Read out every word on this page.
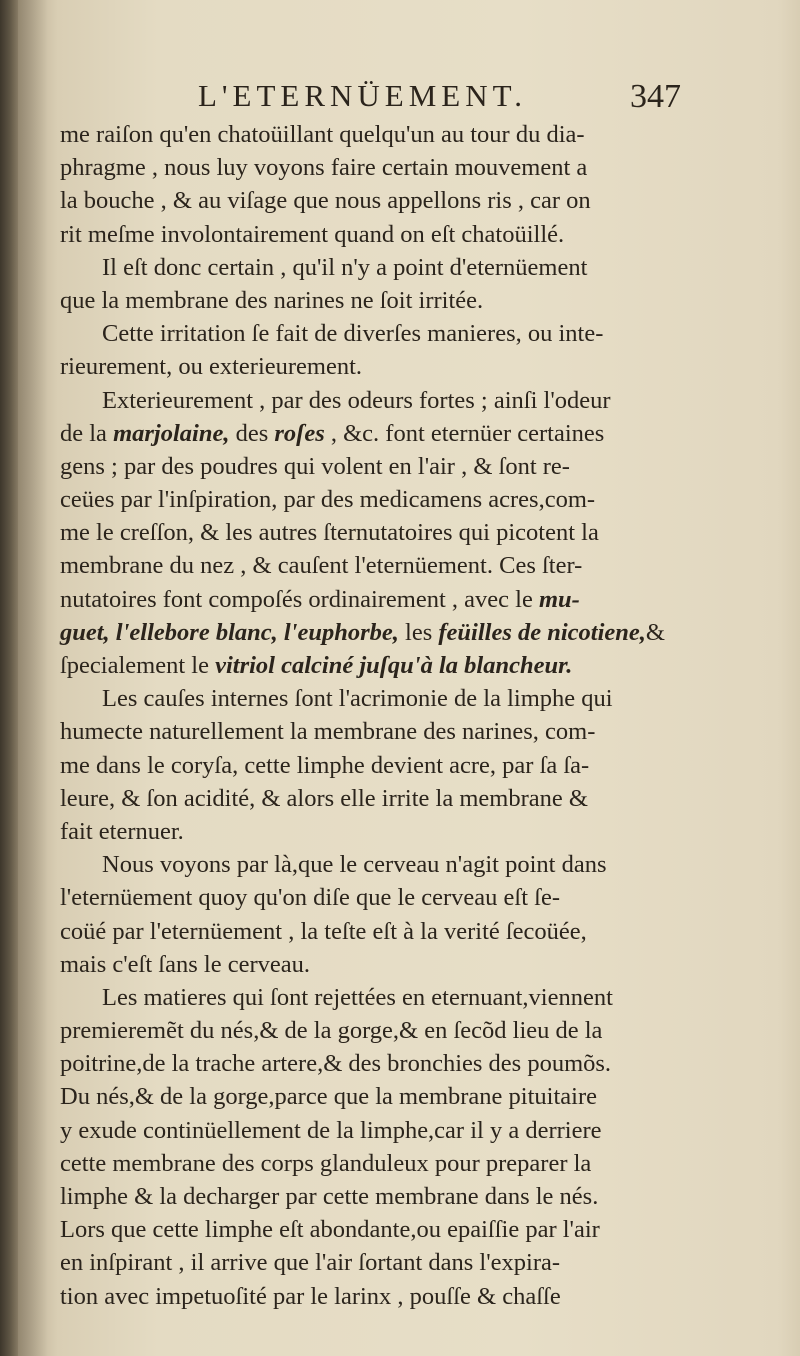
L'ETERNÜEMENT.	347
me raiſon qu'en chatoüillant quelqu'un au tour du dia-
phragme , nous luy voyons faire certain mouvement a
la bouche , & au viſage que nous appellons ris , car on
rit meſme involontairement quand on eſt chatoüillé.
Il eſt donc certain , qu'il n'y a point d'eternüement
que la membrane des narines ne ſoit irritée.
Cette irritation ſe fait de diverſes manieres, ou inte-
rieurement, ou exterieurement.
Exterieurement , par des odeurs fortes ; ainſi l'odeur
de la marjolaine, des roſes , &c. font eternüer certaines
gens ; par des poudres qui volent en l'air , & ſont re-
ceües par l'inſpiration, par des medicamens acres,com-
me le creſſon, & les autres ſternutatoires qui picotent la
membrane du nez , & cauſent l'eternüement. Ces ſter-
nutatoires font compoſés ordinairement , avec le mu-
guet, l'ellebore blanc, l'euphorbe, les feüilles de nicotiene,&
ſpecialement le vitriol calciné juſqu'à la blancheur.
Les cauſes internes ſont l'acrimonie de la limphe qui
humecte naturellement la membrane des narines, com-
me dans le coryſa, cette limphe devient acre, par ſa ſa-
leure, & ſon acidité, & alors elle irrite la membrane &
fait eternuer.
Nous voyons par là,que le cerveau n'agit point dans
l'eternüement quoy qu'on diſe que le cerveau eſt ſe-
coüé par l'eternüement , la teſte eſt à la verité ſecoüée,
mais c'eſt ſans le cerveau.
Les matieres qui ſont rejettées en eternuant,viennent
premieremẽt du nés,& de la gorge,& en ſecõd lieu de la
poitrine,de la trache artere,& des bronchies des poumõs.
Du nés,& de la gorge,parce que la membrane pituitaire
y exude continüellement de la limphe,car il y a derriere
cette membrane des corps glanduleux pour preparer la
limphe & la decharger par cette membrane dans le nés.
Lors que cette limphe eſt abondante,ou epaiſſie par l'air
en inſpirant , il arrive que l'air ſortant dans l'expira-
tion avec impetuoſité par le larinx , pouſſe & chaſſe
